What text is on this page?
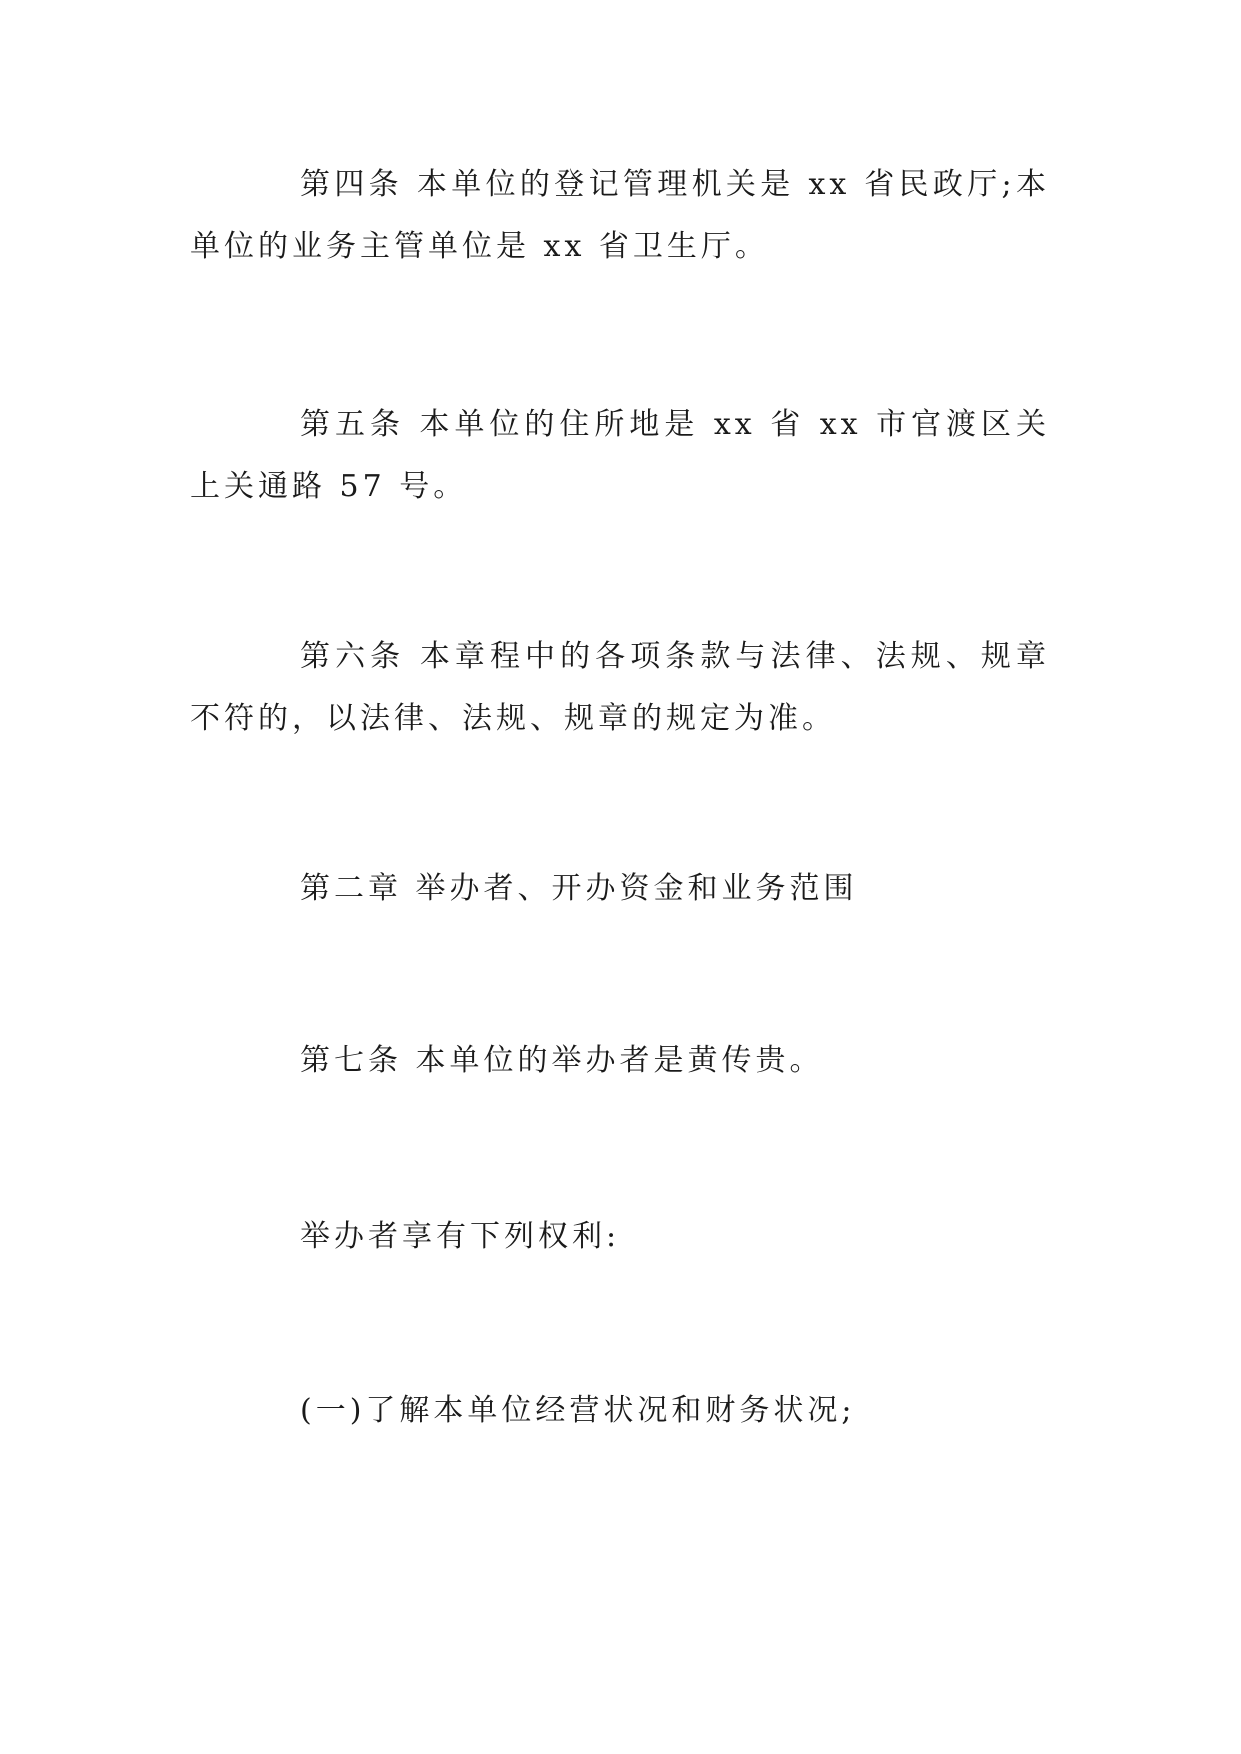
第四条 本单位的登记管理机关是 xx 省民政厅;本单位的业务主管单位是 xx 省卫生厅。

第五条 本单位的住所地是 xx 省 xx 市官渡区关上关通路 57 号。

第六条 本章程中的各项条款与法律、法规、规章不符的，以法律、法规、规章的规定为准。

第二章 举办者、开办资金和业务范围

第七条 本单位的举办者是黄传贵。

举办者享有下列权利:

(一)了解本单位经营状况和财务状况;
